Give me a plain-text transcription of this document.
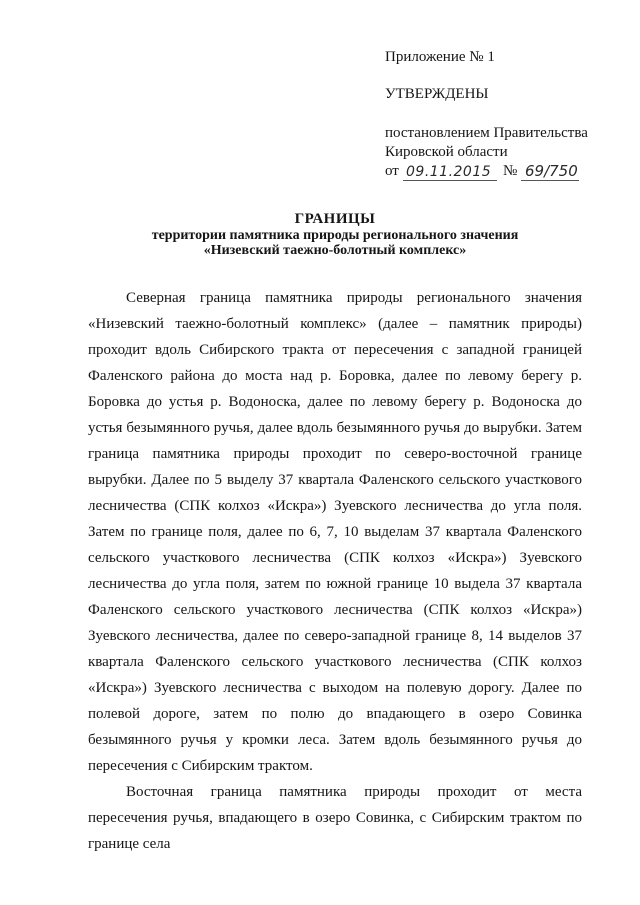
Приложение № 1
УТВЕРЖДЕНЫ
постановлением Правительства
Кировской области
от 09.11.2015 № 69/750
ГРАНИЦЫ
территории памятника природы регионального значения
«Низевский таежно-болотный комплекс»

Северная граница памятника природы регионального значения «Низевский таежно-болотный комплекс» (далее – памятник природы) проходит вдоль Сибирского тракта от пересечения с западной границей Фаленского района до моста над р. Боровка, далее по левому берегу р. Боровка до устья р. Водоноска, далее по левому берегу р. Водоноска до устья безымянного ручья, далее вдоль безымянного ручья до вырубки. Затем граница памятника природы проходит по северо-восточной границе вырубки. Далее по 5 выделу 37 квартала Фаленского сельского участкового лесничества (СПК колхоз «Искра») Зуевского лесничества до угла поля. Затем по границе поля, далее по 6, 7, 10 выделам 37 квартала Фаленского сельского участкового лесничества (СПК колхоз «Искра») Зуевского лесничества до угла поля, затем по южной границе 10 выдела 37 квартала Фаленского сельского участкового лесничества (СПК колхоз «Искра») Зуевского лесничества, далее по северо-западной границе 8, 14 выделов 37 квартала Фаленского сельского участкового лесничества (СПК колхоз «Искра») Зуевского лесничества с выходом на полевую дорогу. Далее по полевой дороге, затем по полю до впадающего в озеро Совинка безымянного ручья у кромки леса. Затем вдоль безымянного ручья до пересечения с Сибирским трактом.

Восточная граница памятника природы проходит от места пересечения ручья, впадающего в озеро Совинка, с Сибирским трактом по границе села
